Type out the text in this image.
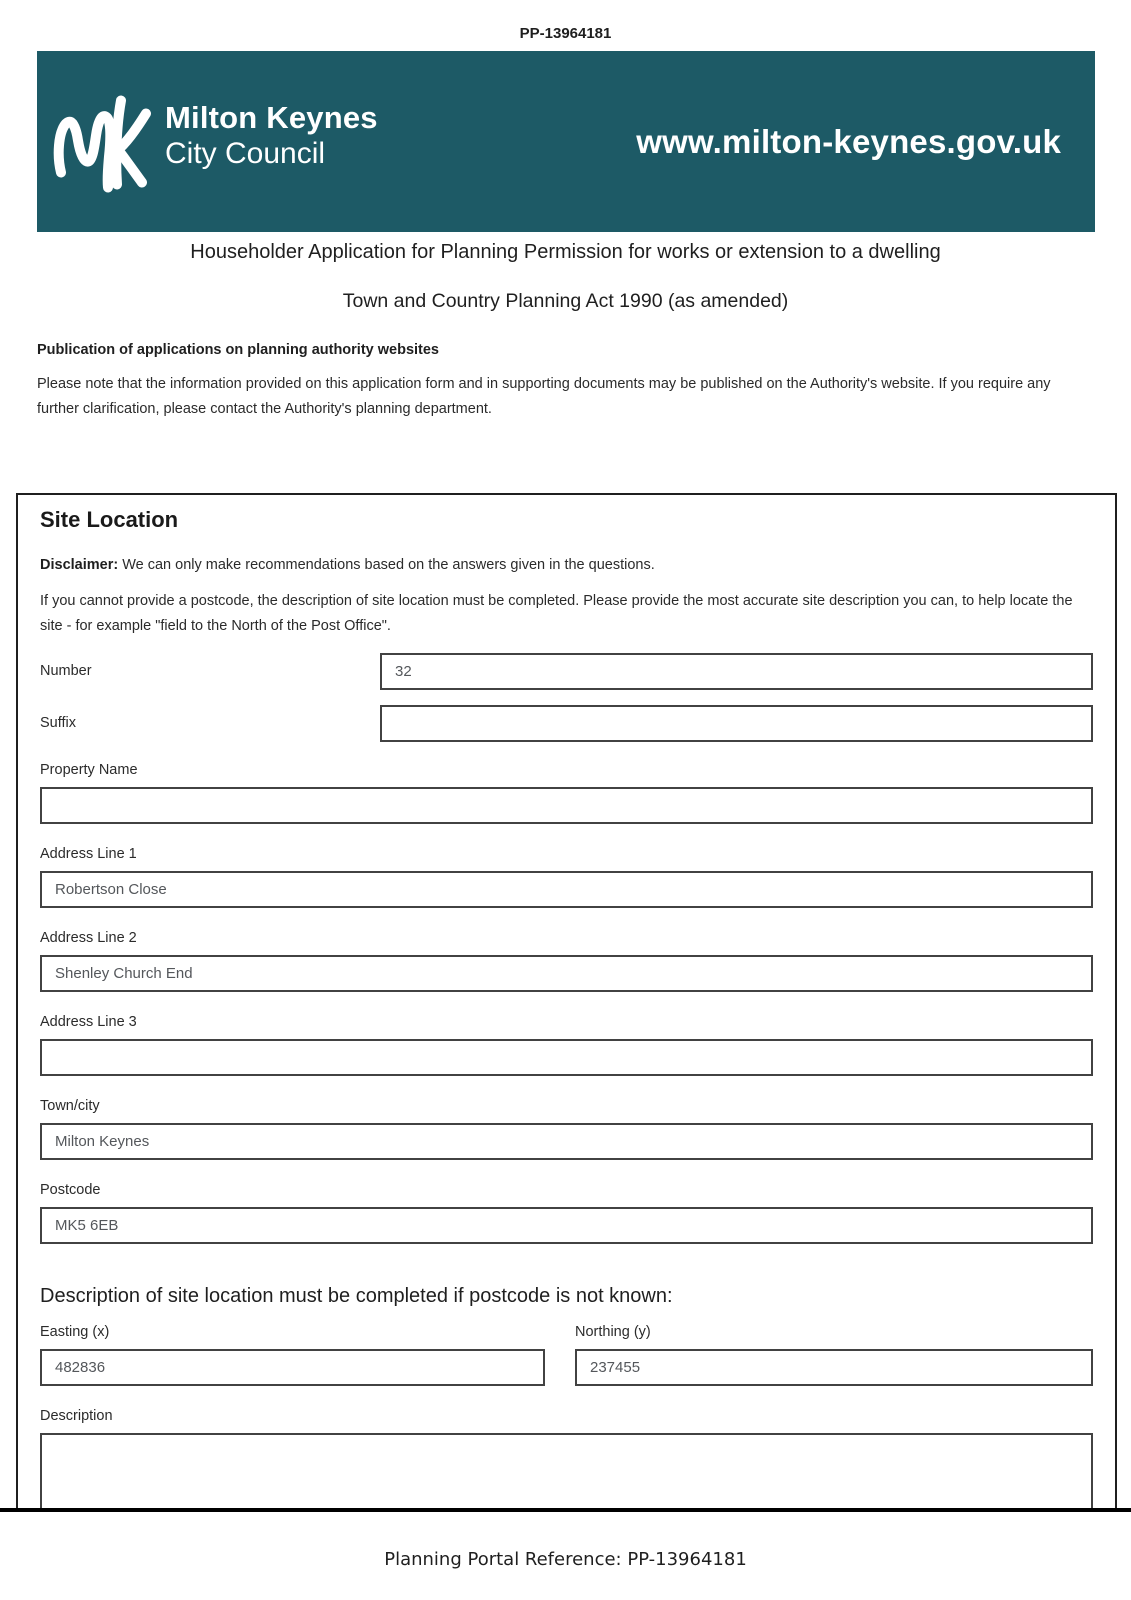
PP-13964181
Milton Keynes
City Council	www.milton-keynes.gov.uk
Householder Application for Planning Permission for works or extension to a dwelling
Town and Country Planning Act 1990 (as amended)
Publication of applications on planning authority websites

Please note that the information provided on this application form and in supporting documents may be published on the Authority's website. If you require any further clarification, please contact the Authority's planning department.

Site Location

Disclaimer: We can only make recommendations based on the answers given in the questions.

If you cannot provide a postcode, the description of site location must be completed. Please provide the most accurate site description you can, to help locate the site - for example "field to the North of the Post Office".

Number
32
Suffix
Property Name
Address Line 1
Robertson Close
Address Line 2
Shenley Church End
Address Line 3
Town/city
Milton Keynes
Postcode
MK5 6EB
Description of site location must be completed if postcode is not known:
Easting (x)
482836	Northing (y)
237455
Description
Planning Portal Reference: PP-13964181
